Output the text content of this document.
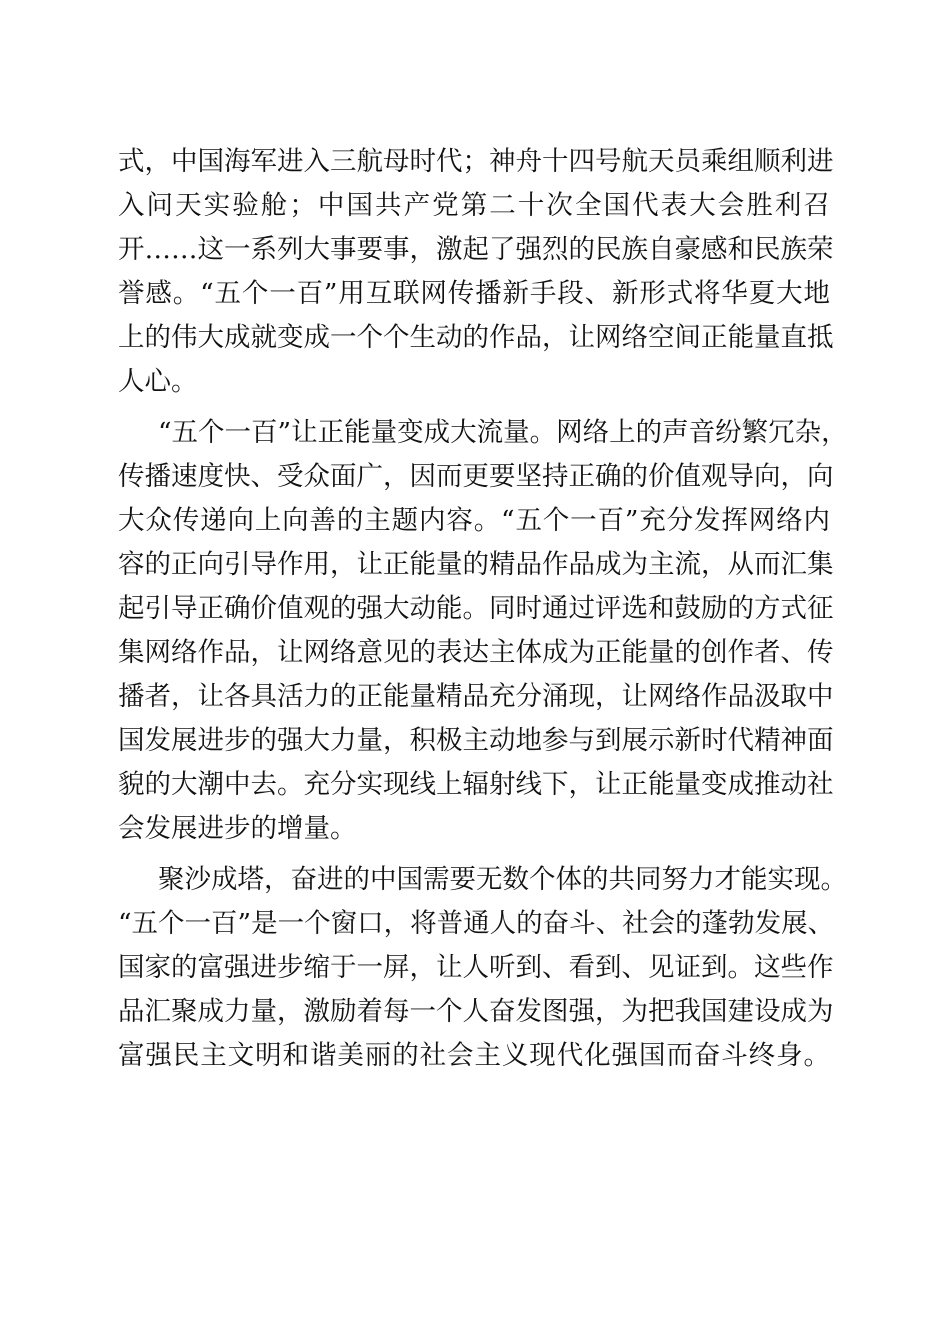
式，中国海军进入三航母时代；神舟十四号航天员乘组顺利进
入问天实验舱；中国共产党第二十次全国代表大会胜利召
开……这一系列大事要事，激起了强烈的民族自豪感和民族荣
誉感。“五个一百”用互联网传播新手段、新形式将华夏大地
上的伟大成就变成一个个生动的作品，让网络空间正能量直抵
人心。
“五个一百”让正能量变成大流量。网络上的声音纷繁冗杂，
传播速度快、受众面广，因而更要坚持正确的价值观导向，向
大众传递向上向善的主题内容。“五个一百”充分发挥网络内
容的正向引导作用，让正能量的精品作品成为主流，从而汇集
起引导正确价值观的强大动能。同时通过评选和鼓励的方式征
集网络作品，让网络意见的表达主体成为正能量的创作者、传
播者，让各具活力的正能量精品充分涌现，让网络作品汲取中
国发展进步的强大力量，积极主动地参与到展示新时代精神面
貌的大潮中去。充分实现线上辐射线下，让正能量变成推动社
会发展进步的增量。
聚沙成塔，奋进的中国需要无数个体的共同努力才能实现。
“五个一百”是一个窗口，将普通人的奋斗、社会的蓬勃发展、
国家的富强进步缩于一屏，让人听到、看到、见证到。这些作
品汇聚成力量，激励着每一个人奋发图强，为把我国建设成为
富强民主文明和谐美丽的社会主义现代化强国而奋斗终身。
